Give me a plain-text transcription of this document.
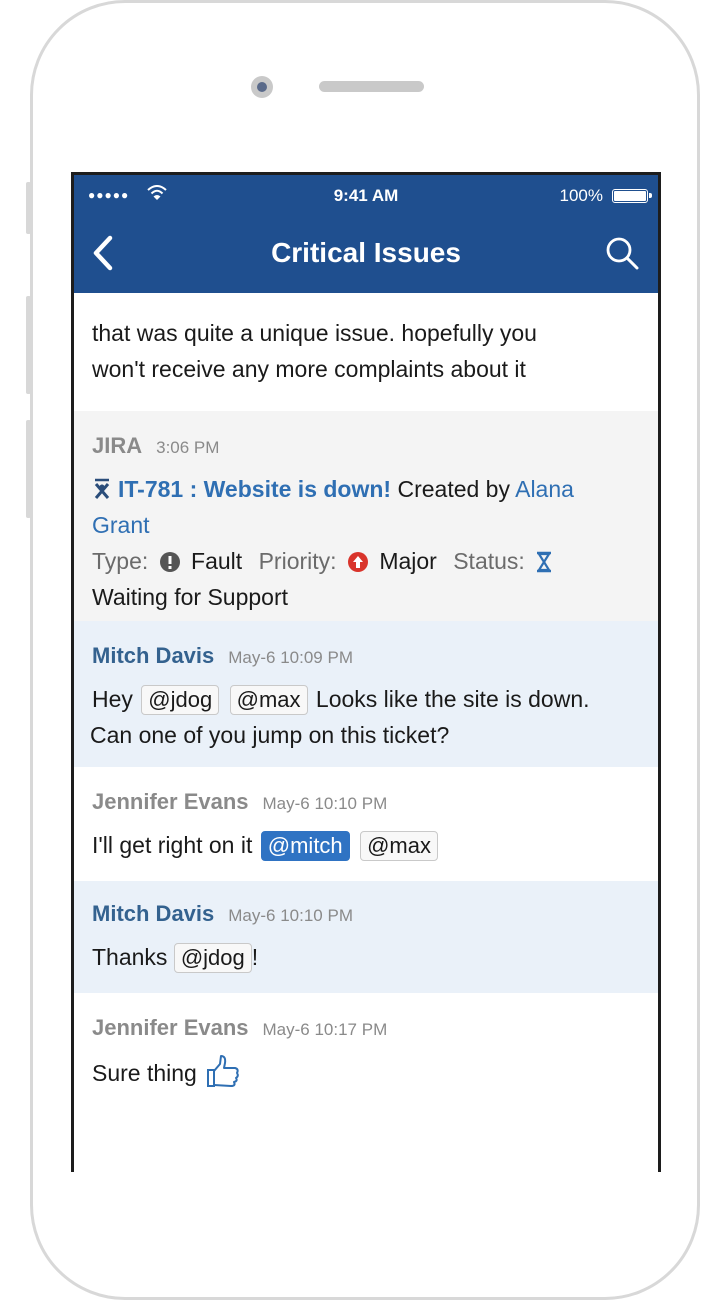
●●●●●	9:41 AM	100%
Critical Issues
that was quite a unique issue. hopefully you
won't receive any more complaints about it
JIRA 3:06 PM
IT-781 : Website is down! Created by Alana
Grant
Type: Fault Priority: Major Status:
Waiting for Support
Mitch Davis May-6 10:09 PM
Hey @jdog @max Looks like the site is down.
Can one of you jump on this ticket?
Jennifer Evans May-6 10:10 PM
I'll get right on it @mitch @max
Mitch Davis May-6 10:10 PM
Thanks @jdog !
Jennifer Evans May-6 10:17 PM
Sure thing
